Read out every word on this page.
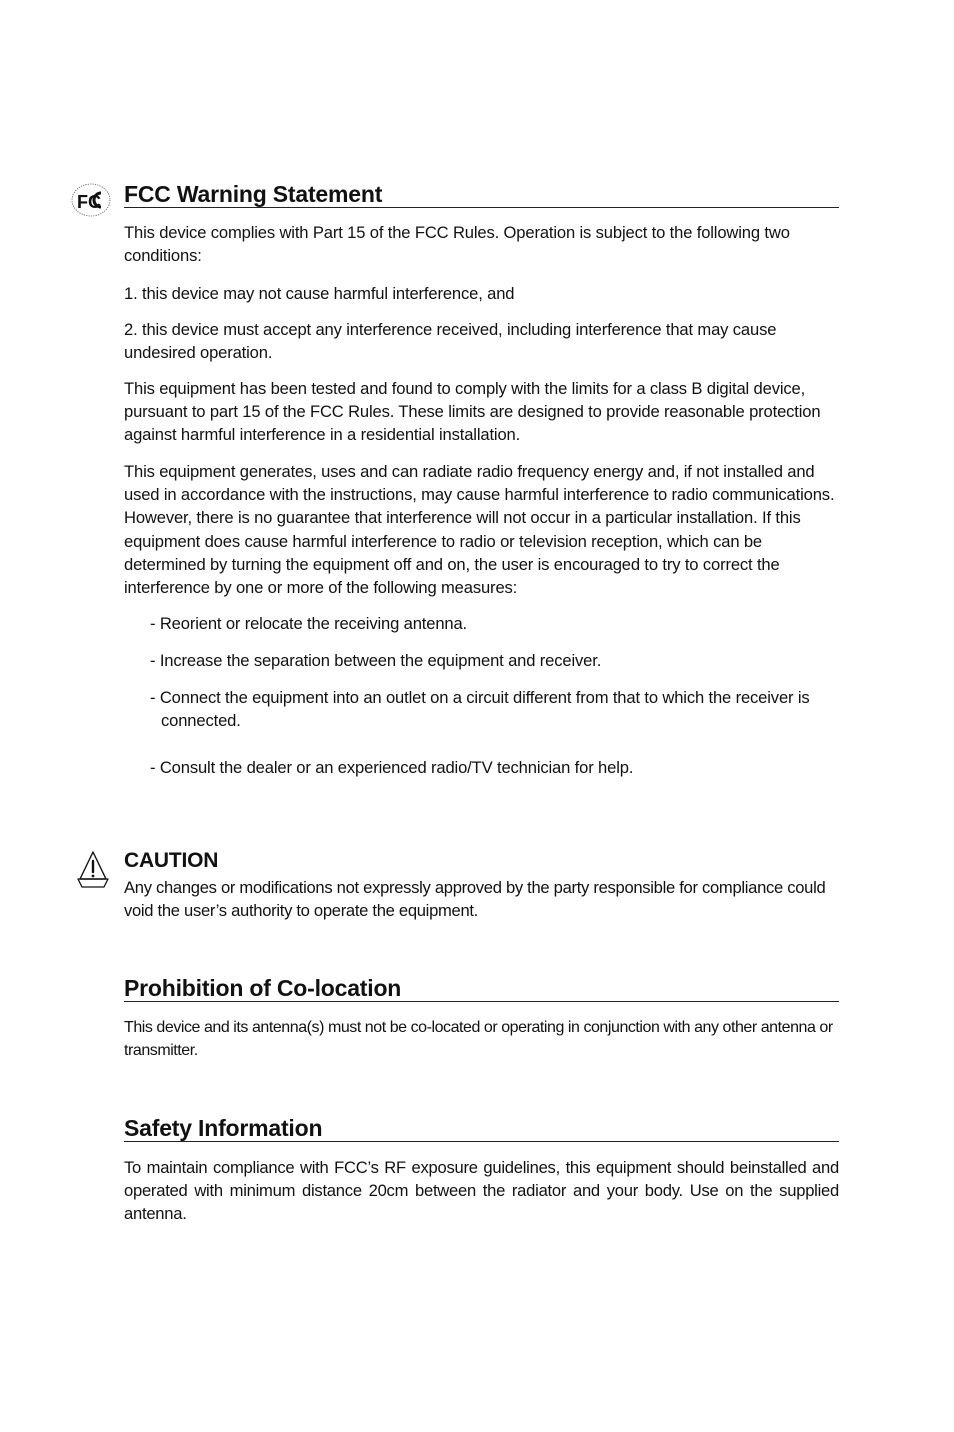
FC FCC Warning Statement

This device complies with Part 15 of the FCC Rules. Operation is subject to the following two conditions:

1. this device may not cause harmful interference, and

2. this device must accept any interference received, including interference that may cause undesired operation.

This equipment has been tested and found to comply with the limits for a class B digital device, pursuant to part 15 of the FCC Rules. These limits are designed to provide reasonable protection against harmful interference in a residential installation.

This equipment generates, uses and can radiate radio frequency energy and, if not installed and used in accordance with the instructions, may cause harmful interference to radio communications. However, there is no guarantee that interference will not occur in a particular installation. If this equipment does cause harmful interference to radio or television reception, which can be determined by turning the equipment off and on, the user is encouraged to try to correct the interference by one or more of the following measures:

- Reorient or relocate the receiving antenna.

- Increase the separation between the equipment and receiver.

- Connect the equipment into an outlet on a circuit different from that to which the receiver is connected.

- Consult the dealer or an experienced radio/TV technician for help.

CAUTION

Any changes or modifications not expressly approved by the party responsible for compliance could void the user’s authority to operate the equipment.

Prohibition of Co-location

This device and its antenna(s) must not be co-located or operating in conjunction with any other antenna or transmitter.

Safety Information

To maintain compliance with FCC’s RF exposure guidelines, this equipment should beinstalled and operated with minimum distance 20cm between the radiator and your body. Use on the supplied antenna.
